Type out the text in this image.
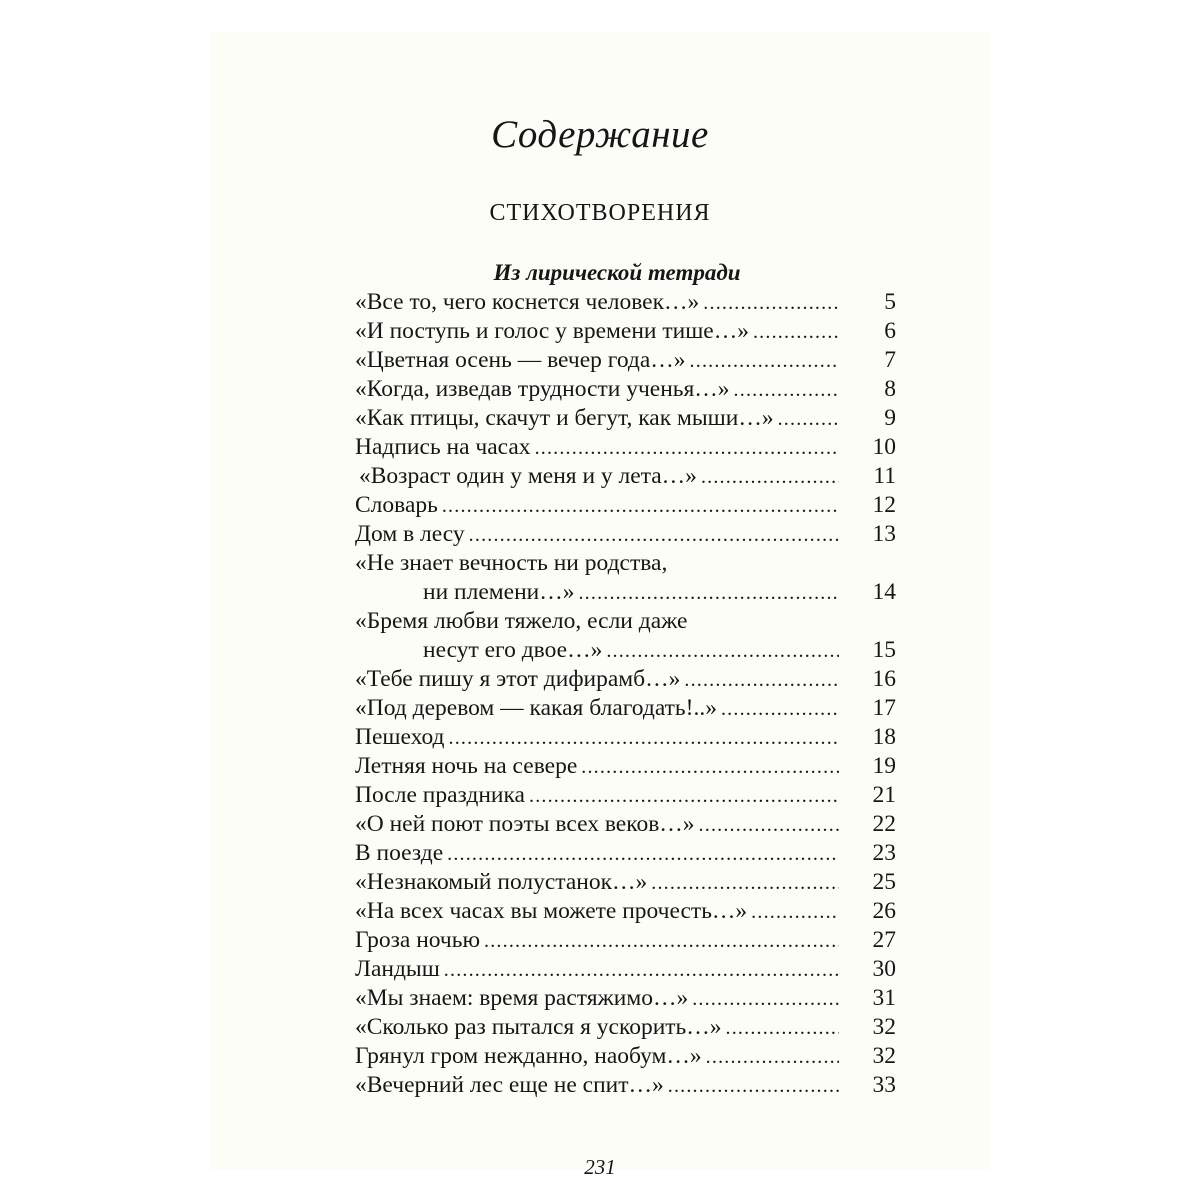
Содержание
СТИХОТВОРЕНИЯ
Из лирической тетради
«Все то, чего коснется человек…» .....	5
«И поступь и голос у времени тише…» .....	6
«Цветная осень — вечер года…» .....	7
«Когда, изведав трудности ученья…» .....	8
«Как птицы, скачут и бегут, как мыши…» .....	9
Надпись на часах .....	10
«Возраст один у меня и у лета…» .....	11
Словарь .....	12
Дом в лесу .....	13
«Не знает вечность ни родства,
ни племени…» .....	14
«Бремя любви тяжело, если даже
несут его двое…» .....	15
«Тебе пишу я этот дифирамб…» .....	16
«Под деревом — какая благодать!..» .....	17
Пешеход .....	18
Летняя ночь на севере .....	19
После праздника .....	21
«О ней поют поэты всех веков…» .....	22
В поезде .....	23
«Незнакомый полустанок…» .....	25
«На всех часах вы можете прочесть…» .....	26
Гроза ночью .....	27
Ландыш .....	30
«Мы знаем: время растяжимо…» .....	31
«Сколько раз пытался я ускорить…» .....	32
Грянул гром нежданно, наобум…» .....	32
«Вечерний лес еще не спит…» .....	33

231
